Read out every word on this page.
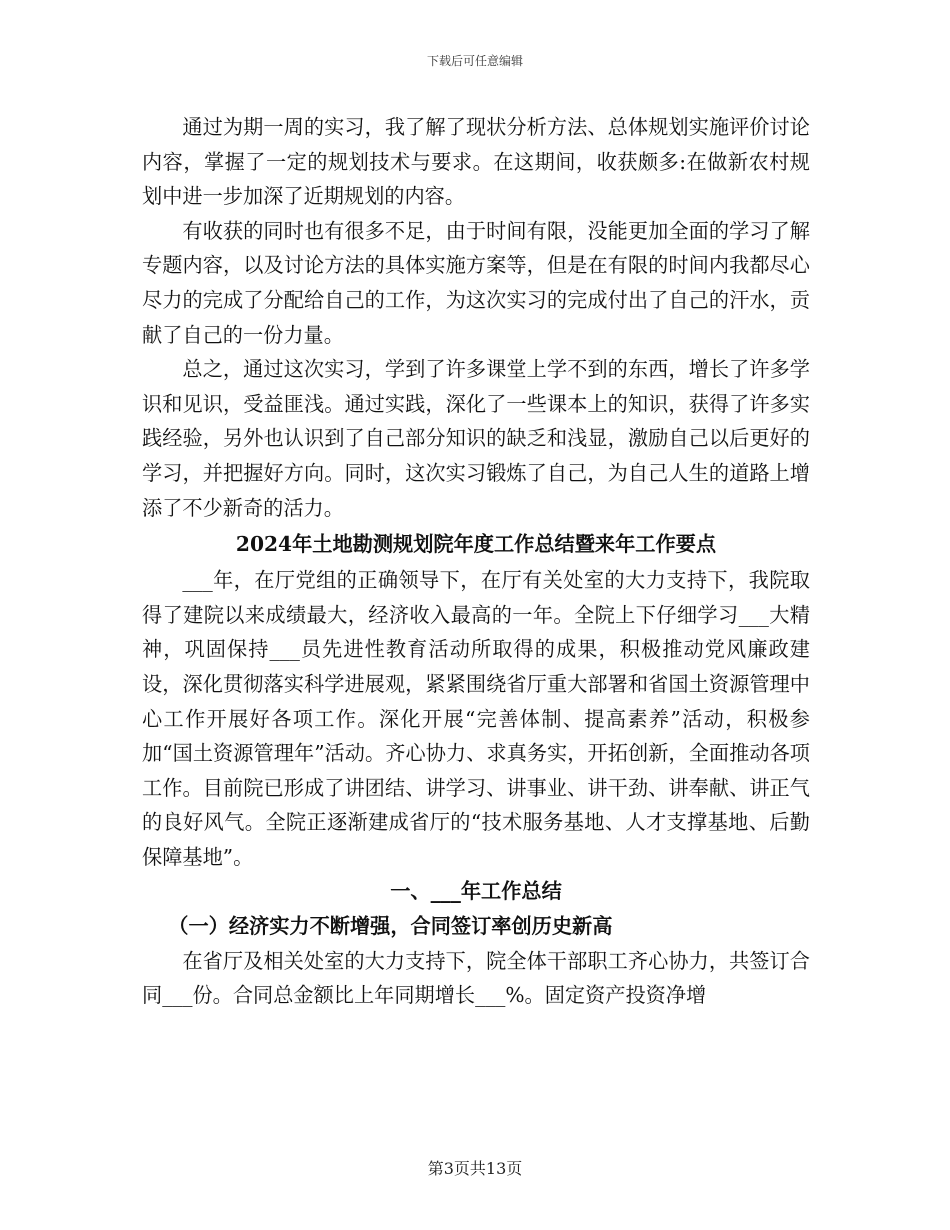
下载后可任意编辑

通过为期一周的实习，我了解了现状分析方法、总体规划实施评价讨论内容，掌握了一定的规划技术与要求。在这期间，收获颇多:在做新农村规划中进一步加深了近期规划的内容。

有收获的同时也有很多不足，由于时间有限，没能更加全面的学习了解专题内容，以及讨论方法的具体实施方案等，但是在有限的时间内我都尽心尽力的完成了分配给自己的工作，为这次实习的完成付出了自己的汗水，贡献了自己的一份力量。

总之，通过这次实习，学到了许多课堂上学不到的东西，增长了许多学识和见识，受益匪浅。通过实践，深化了一些课本上的知识，获得了许多实践经验，另外也认识到了自己部分知识的缺乏和浅显，激励自己以后更好的学习，并把握好方向。同时，这次实习锻炼了自己，为自己人生的道路上增添了不少新奇的活力。

2024年土地勘测规划院年度工作总结暨来年工作要点

___年，在厅党组的正确领导下，在厅有关处室的大力支持下，我院取得了建院以来成绩最大，经济收入最高的一年。全院上下仔细学习___大精神，巩固保持___员先进性教育活动所取得的成果，积极推动党风廉政建设，深化贯彻落实科学进展观，紧紧围绕省厅重大部署和省国土资源管理中心工作开展好各项工作。深化开展“完善体制、提高素养”活动，积极参加“国土资源管理年”活动。齐心协力、求真务实，开拓创新，全面推动各项工作。目前院已形成了讲团结、讲学习、讲事业、讲干劲、讲奉献、讲正气的良好风气。全院正逐渐建成省厅的“技术服务基地、人才支撑基地、后勤保障基地”。

一、___年工作总结
（一）经济实力不断增强，合同签订率创历史新高

在省厅及相关处室的大力支持下，院全体干部职工齐心协力，共签订合同___份。合同总金额比上年同期增长___%。固定资产投资净增

第3页共13页
